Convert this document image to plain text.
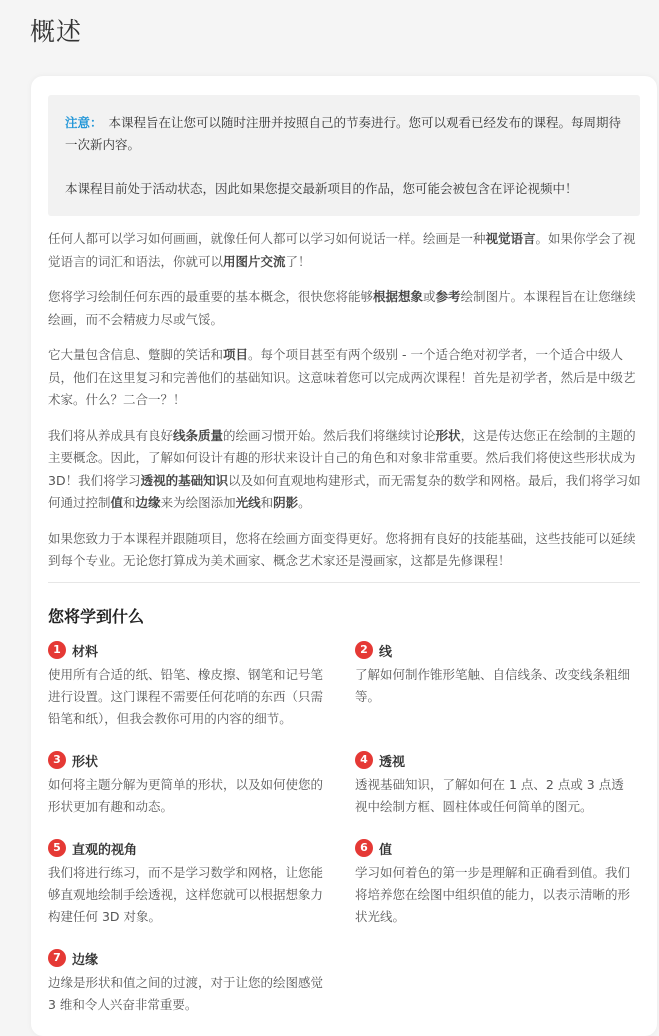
概述

注意： 本课程旨在让您可以随时注册并按照自己的节奏进行。您可以观看已经发布的课程。每周期待一次新内容。

本课程目前处于活动状态，因此如果您提交最新项目的作品，您可能会被包含在评论视频中！

任何人都可以学习如何画画，就像任何人都可以学习如何说话一样。绘画是一种视觉语言。如果你学会了视觉语言的词汇和语法，你就可以用图片交流了！

您将学习绘制任何东西的最重要的基本概念，很快您将能够根据想象或参考绘制图片。本课程旨在让您继续绘画，而不会精疲力尽或气馁。

它大量包含信息、蹩脚的笑话和项目。每个项目甚至有两个级别 - 一个适合绝对初学者，一个适合中级人员，他们在这里复习和完善他们的基础知识。这意味着您可以完成两次课程！首先是初学者，然后是中级艺术家。什么？二合一？！

我们将从养成具有良好线条质量的绘画习惯开始。然后我们将继续讨论形状，这是传达您正在绘制的主题的主要概念。因此，了解如何设计有趣的形状来设计自己的角色和对象非常重要。然后我们将使这些形状成为3D！我们将学习透视的基础知识以及如何直观地构建形式，而无需复杂的数学和网格。最后，我们将学习如何通过控制值和边缘来为绘图添加光线和阴影。

如果您致力于本课程并跟随项目，您将在绘画方面变得更好。您将拥有良好的技能基础，这些技能可以延续到每个专业。无论您打算成为美术画家、概念艺术家还是漫画家，这都是先修课程！

您将学到什么
1 材料
使用所有合适的纸、铅笔、橡皮擦、钢笔和记号笔进行设置。这门课程不需要任何花哨的东西（只需铅笔和纸），但我会教你可用的内容的细节。
2 线
了解如何制作锥形笔触、自信线条、改变线条粗细等。
3 形状
如何将主题分解为更简单的形状，以及如何使您的形状更加有趣和动态。
4 透视
透视基础知识，了解如何在 1 点、2 点或 3 点透视中绘制方框、圆柱体或任何简单的图元。
5 直观的视角
我们将进行练习，而不是学习数学和网格，让您能够直观地绘制手绘透视，这样您就可以根据想象力构建任何 3D 对象。
6 值
学习如何着色的第一步是理解和正确看到值。我们将培养您在绘图中组织值的能力，以表示清晰的形状光线。
7 边缘
边缘是形状和值之间的过渡，对于让您的绘图感觉3 维和令人兴奋非常重要。
